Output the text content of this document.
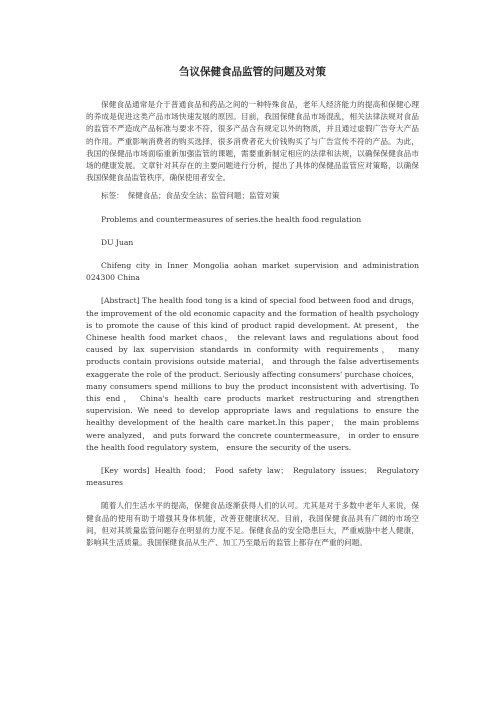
刍议保健食品监管的问题及对策

保健食品通常是介于普通食品和药品之间的一种特殊食品，老年人经济能力的提高和保健心理的养成是促进这类产品市场快速发展的原因。目前，我国保健食品市场混乱，相关法律法规对食品的监管不严造成产品标准与要求不符，很多产品含有规定以外的物质，并且通过虚假广告夸大产品的作用。严重影响消费者的购买选择，很多消费者花大价钱购买了与广告宣传不符的产品。为此，我国的保健品市场面临重新加强监管的课题，需要重新制定相应的法律和法规，以确保保健食品市场的健康发展。文章针对其存在的主要问题进行分析，提出了具体的保健品监管应对策略，以确保我国保健食品监管秩序，确保使用者安全。

标签：　保健食品；食品安全法；监管问题；监管对策

Problems and countermeasures of series.the health food regulation

DU Juan

Chifeng city in Inner Mongolia aohan market supervision and administration 024300 China

[Abstract] The health food tong is a kind of special food between food and drugs， the improvement of the old economic capacity and the formation of health psychology is to promote the cause of this kind of product rapid development. At present， the Chinese health food market chaos， the relevant laws and regulations about food caused by lax supervision standards in conformity with requirements， many products contain provisions outside material， and through the false advertisements exaggerate the role of the product. Seriously affecting consumers' purchase choices， many consumers spend millions to buy the product inconsistent with advertising. To this end， China's health care products market restructuring and strengthen supervision. We need to develop appropriate laws and regulations to ensure the healthy development of the health care market.In this paper， the main problems were analyzed， and puts forward the concrete countermeasure， in order to ensure the health food regulatory system， ensure the security of the users.

[Key words] Health food； Food safety law； Regulatory issues； Regulatory measures

随着人们生活水平的提高，保健食品逐渐获得人们的认可。尤其是对于多数中老年人来说，保健食品的使用有助于增强其身体机能，改善亚健康状况。目前，我国保健食品具有广阔的市场空间，但对其质量监管问题存在明显的力度不足。保健食品的安全隐患巨大，严重威胁中老人健康，影响其生活质量。我国保健食品从生产、加工乃至最后的监管上都存在严重的问题。
